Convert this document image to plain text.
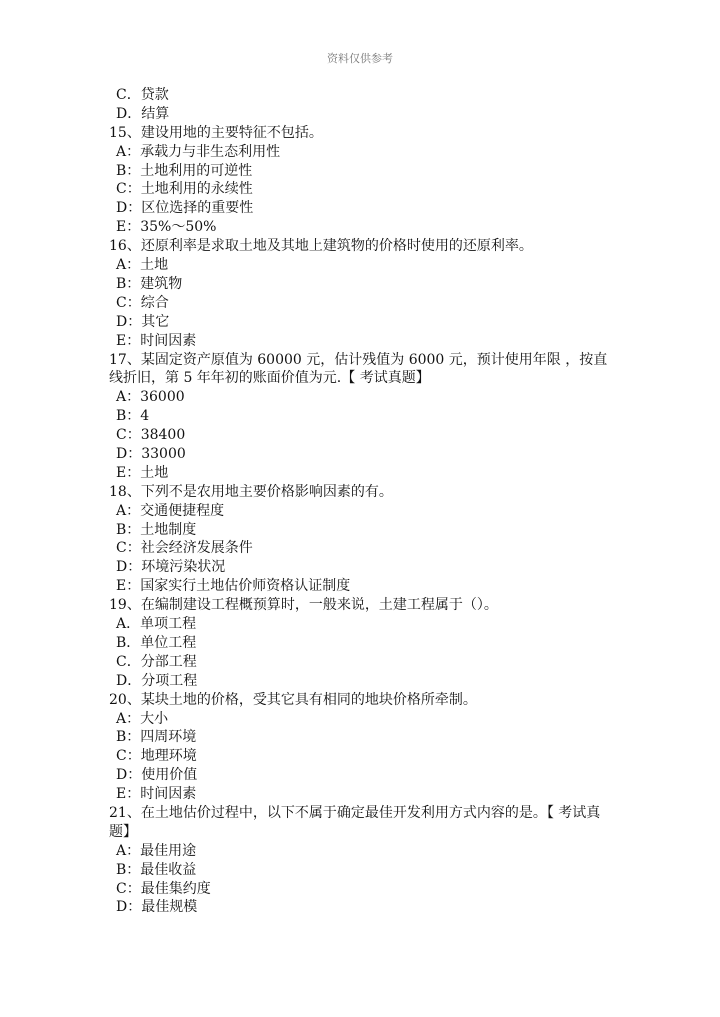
资料仅供参考
C．贷款
D．结算
15、建设用地的主要特征不包括。
A：承载力与非生态利用性
B：土地利用的可逆性
C：土地利用的永续性
D：区位选择的重要性
E：35%～50%
16、还原利率是求取土地及其地上建筑物的价格时使用的还原利率。
A：土地
B：建筑物
C：综合
D：其它
E：时间因素
17、某固定资产原值为 60000 元，估计残值为 6000 元，预计使用年限 ，按直线折旧，第 5 年年初的账面价值为元.【 考试真题】
A：36000
B：4
C：38400
D：33000
E：土地
18、下列不是农用地主要价格影响因素的有。
A：交通便捷程度
B：土地制度
C：社会经济发展条件
D：环境污染状况
E：国家实行土地估价师资格认证制度
19、在编制建设工程概预算时，一般来说，土建工程属于（）。
A．单项工程
B．单位工程
C．分部工程
D．分项工程
20、某块土地的价格，受其它具有相同的地块价格所牵制。
A：大小
B：四周环境
C：地理环境
D：使用价值
E：时间因素
21、在土地估价过程中，以下不属于确定最佳开发利用方式内容的是。【 考试真题】
A：最佳用途
B：最佳收益
C：最佳集约度
D：最佳规模
